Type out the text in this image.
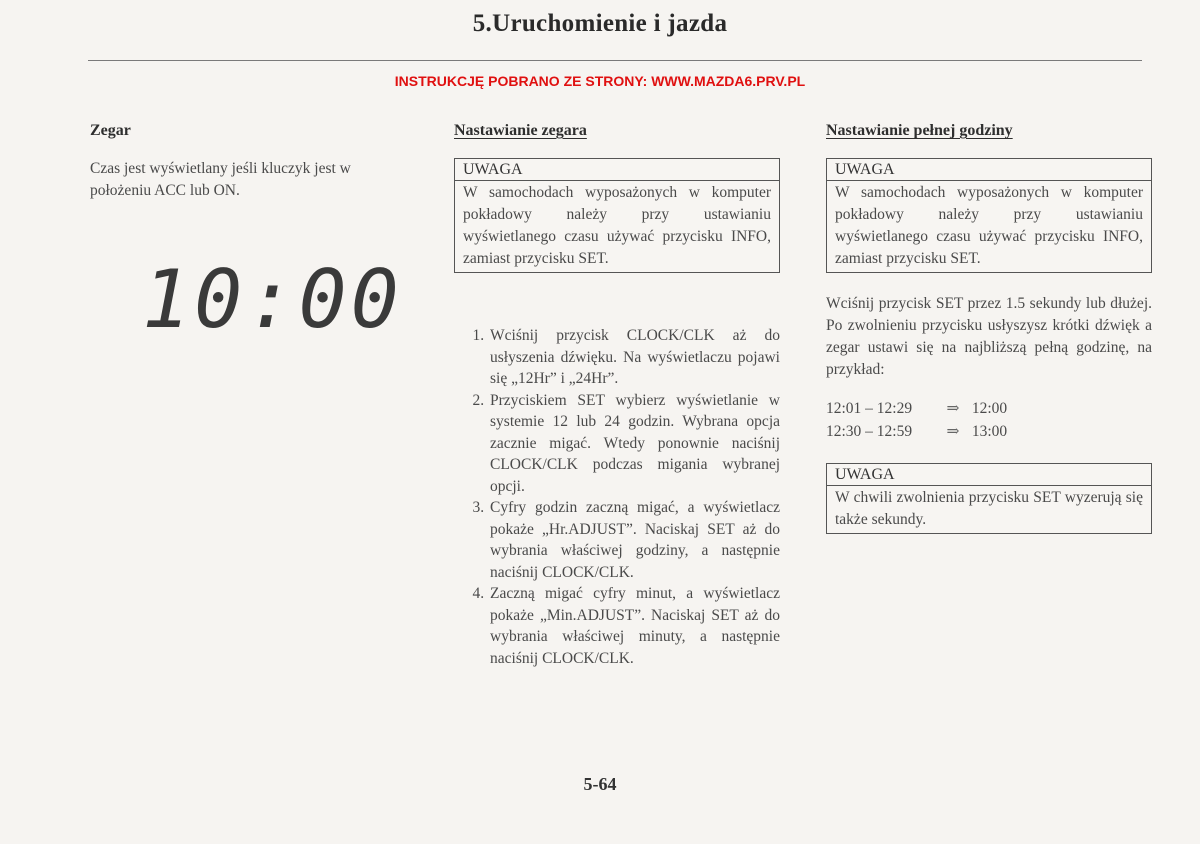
5.Uruchomienie i jazda
INSTRUKCJĘ POBRANO ZE STRONY: WWW.MAZDA6.PRV.PL
Zegar
Czas jest wyświetlany jeśli kluczyk jest w położeniu ACC lub ON.
10:00
Nastawianie zegara
UWAGA
W samochodach wyposażonych w komputer pokładowy należy przy ustawianiu wyświetlanego czasu używać przycisku INFO, zamiast przycisku SET.
1. Wciśnij przycisk CLOCK/CLK aż do usłyszenia dźwięku. Na wyświetlaczu pojawi się „12Hr” i „24Hr”.
2. Przyciskiem SET wybierz wyświetlanie w systemie 12 lub 24 godzin. Wybrana opcja zacznie migać. Wtedy ponownie naciśnij CLOCK/CLK podczas migania wybranej opcji.
3. Cyfry godzin zaczną migać, a wyświetlacz pokaże „Hr.ADJUST”. Naciskaj SET aż do wybrania właściwej godziny, a następnie naciśnij CLOCK/CLK.
4. Zaczną migać cyfry minut, a wyświetlacz pokaże „Min.ADJUST”. Naciskaj SET aż do wybrania właściwej minuty, a następnie naciśnij CLOCK/CLK.
Nastawianie pełnej godziny
UWAGA
W samochodach wyposażonych w komputer pokładowy należy przy ustawianiu wyświetlanego czasu używać przycisku INFO, zamiast przycisku SET.
Wciśnij przycisk SET przez 1.5 sekundy lub dłużej. Po zwolnieniu przycisku usłyszysz krótki dźwięk a zegar ustawi się na najbliższą pełną godzinę, na przykład:
12:01 – 12:29 ⇒ 12:00
12:30 – 12:59 ⇒ 13:00
UWAGA
W chwili zwolnienia przycisku SET wyzerują się także sekundy.
5-64
